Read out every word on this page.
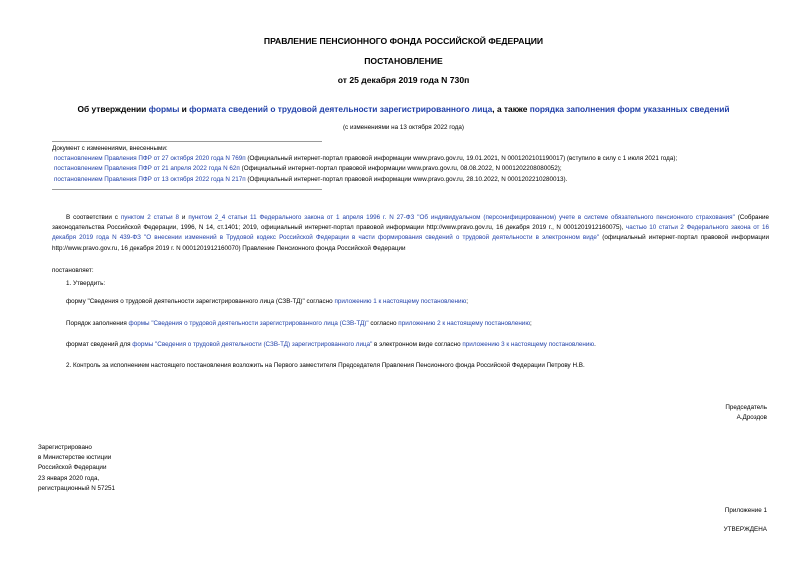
ПРАВЛЕНИЕ ПЕНСИОННОГО ФОНДА РОССИЙСКОЙ ФЕДЕРАЦИИ
ПОСТАНОВЛЕНИЕ
от 25 декабря 2019 года N 730п
Об утверждении формы и формата сведений о трудовой деятельности зарегистрированного лица, а также порядка заполнения форм указанных сведений
(с изменениями на 13 октября 2022 года)
Документ с изменениями, внесенными:
постановлением Правления ПФР от 27 октября 2020 года N 769п (Официальный интернет-портал правовой информации www.pravo.gov.ru, 19.01.2021, N 0001202101190017) (вступило в силу с 1 июля 2021 года);
постановлением Правления ПФР от 21 апреля 2022 года N 62п (Официальный интернет-портал правовой информации www.pravo.gov.ru, 08.08.2022, N 0001202208080052);
постановлением Правления ПФР от 13 октября 2022 года N 217п (Официальный интернет-портал правовой информации www.pravo.gov.ru, 28.10.2022, N 0001202210280013).
В соответствии с пунктом 2 статьи 8 и пунктом 2_4 статьи 11 Федерального закона от 1 апреля 1996 г. N 27-ФЗ "Об индивидуальном (персонифицированном) учете в системе обязательного пенсионного страхования" (Собрание законодательства Российской Федерации, 1996, N 14, ст.1401; 2019, официальный интернет-портал правовой информации http://www.pravo.gov.ru, 16 декабря 2019 г., N 0001201912160075), частью 10 статьи 2 Федерального закона от 16 декабря 2019 года N 439-ФЗ "О внесении изменений в Трудовой кодекс Российской Федерации в части формирования сведений о трудовой деятельности в электронном виде" (официальный интернет-портал правовой информации http://www.pravo.gov.ru, 16 декабря 2019 г. N 0001201912160070) Правление Пенсионного фонда Российской Федерации
постановляет:
1. Утвердить:
форму "Сведения о трудовой деятельности зарегистрированного лица (СЗВ-ТД)" согласно приложению 1 к настоящему постановлению;
Порядок заполнения формы "Сведения о трудовой деятельности зарегистрированного лица (СЗВ-ТД)" согласно приложению 2 к настоящему постановлению;
формат сведений для формы "Сведения о трудовой деятельности (СЗВ-ТД) зарегистрированного лица" в электронном виде согласно приложению 3 к настоящему постановлению.
2. Контроль за исполнением настоящего постановления возложить на Первого заместителя Председателя Правления Пенсионного фонда Российской Федерации Петрову Н.В.
Председатель
А.Дроздов
Зарегистрировано
в Министерстве юстиции
Российской Федерации
23 января 2020 года,
регистрационный N 57251
Приложение 1
УТВЕРЖДЕНА
